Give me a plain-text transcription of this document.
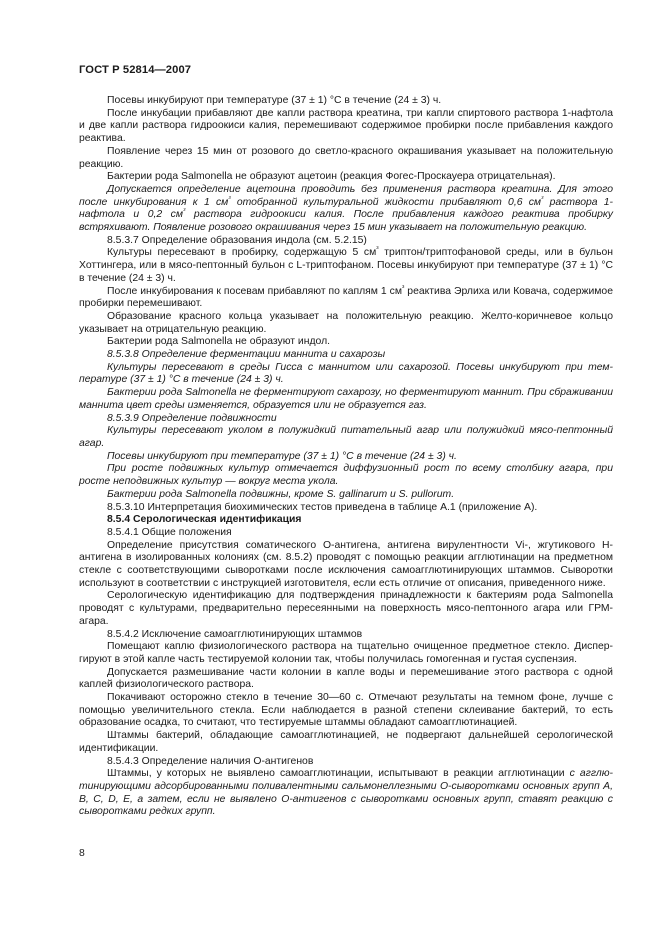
ГОСТ Р 52814—2007

Посевы инкубируют при температуре (37 ± 1) °С в течение (24 ± 3) ч.

После инкубации прибавляют две капли раствора креатина, три капли спиртового раствора 1-нафтола и две капли раствора гидроокиси калия, перемешивают содержимое пробирки после прибавления каждого реактива.

Появление через 15 мин от розового до светло-красного окрашивания указывает на положительную реакцию.

Бактерии рода Salmonella не образуют ацетоин (реакция Фогес-Проскауера отрицательная).

Допускается определение ацетоина проводить без применения раствора креатина. Для этого после инкубирования к 1 $см^{^3}$ отобранной культуральной жидкости прибавляют 0,6 $см^{^3}$ раствора 1-нафтола и 0,2 $см^{^3}$ раствора гидроокиси калия. После прибавления каждого реактива пробирку встряхивают. Появление розового окрашивания через 15 мин указывает на положительную реакцию.

8.5.3.7 Определение образования индола (см. 5.2.15)

Культуры пересевают в пробирку, содержащую 5 $см^{^3}$ триптон/триптофановой среды, или в бульон Хоттингера, или в мясо-пептонный бульон с L-триптофаном. Посевы инкубируют при температуре (37 ± 1) °С в течение (24 ± 3) ч.

После инкубирования к посевам прибавляют по каплям 1 $см^{^3}$ реактива Эрлиха или Ковача, содержимое пробирки перемешивают.

Образование красного кольца указывает на положительную реакцию. Желто-коричневое кольцо указывает на отрицательную реакцию.

Бактерии рода Salmonella не образуют индол.

8.5.3.8 Определение ферментации маннита и сахарозы

Культуры пересевают в среды Гисса с маннитом или сахарозой. Посевы инкубируют при температуре (37 ± 1) °С в течение (24 ± 3) ч.

Бактерии рода Salmonella не ферментируют сахарозу, но ферментируют маннит. При сбраживании маннита цвет среды изменяется, образуется или не образуется газ.

8.5.3.9 Определение подвижности

Культуры пересевают уколом в полужидкий питательный агар или полужидкий мясо-пептонный агар.

Посевы инкубируют при температуре (37 ± 1) °С в течение (24 ± 3) ч.

При росте подвижных культур отмечается диффузионный рост по всему столбику агара, при росте неподвижных культур — вокруг места укола.

Бактерии рода Salmonella подвижны, кроме S. gallinarum и S. pullorum.

8.5.3.10 Интерпретация биохимических тестов приведена в таблице А.1 (приложение А).

8.5.4 Серологическая идентификация

8.5.4.1 Общие положения

Определение присутствия соматического О-антигена, антигена вирулентности Vi-, жгутикового Н-антигена в изолированных колониях (см. 8.5.2) проводят с помощью реакции агглютинации на предметном стекле с соответствующими сыворотками после исключения самоагглютинирующих штаммов. Сыворотки используют в соответствии с инструкцией изготовителя, если есть отличие от описания, приведенного ниже.

Серологическую идентификацию для подтверждения принадлежности к бактериям рода Salmonella проводят с культурами, предварительно пересеянными на поверхность мясо-пептонного агара или ГРМ-агара.

8.5.4.2 Исключение самоагглютинирующих штаммов

Помещают каплю физиологического раствора на тщательно очищенное предметное стекло. Диспергируют в этой капле часть тестируемой колонии так, чтобы получилась гомогенная и густая суспензия.

Допускается размешивание части колонии в капле воды и перемешивание этого раствора с одной каплей физиологического раствора.

Покачивают осторожно стекло в течение 30—60 с. Отмечают результаты на темном фоне, лучше с помощью увеличительного стекла. Если наблюдается в разной степени склеивание бактерий, то есть образование осадка, то считают, что тестируемые штаммы обладают самоагглютинацией.

Штаммы бактерий, обладающие самоагглютинацией, не подвергают дальнейшей серологической идентификации.

8.5.4.3 Определение наличия О-антигенов

Штаммы, у которых не выявлено самоагглютинации, испытывают в реакции агглютинации с агглютинирующими адсорбированными поливалентными сальмонеллезными О-сыворотками основных групп А, В, С, D, Е, а затем, если не выявлено О-антигенов с сыворотками основных групп, ставят реакцию с сыворотками редких групп.

8
